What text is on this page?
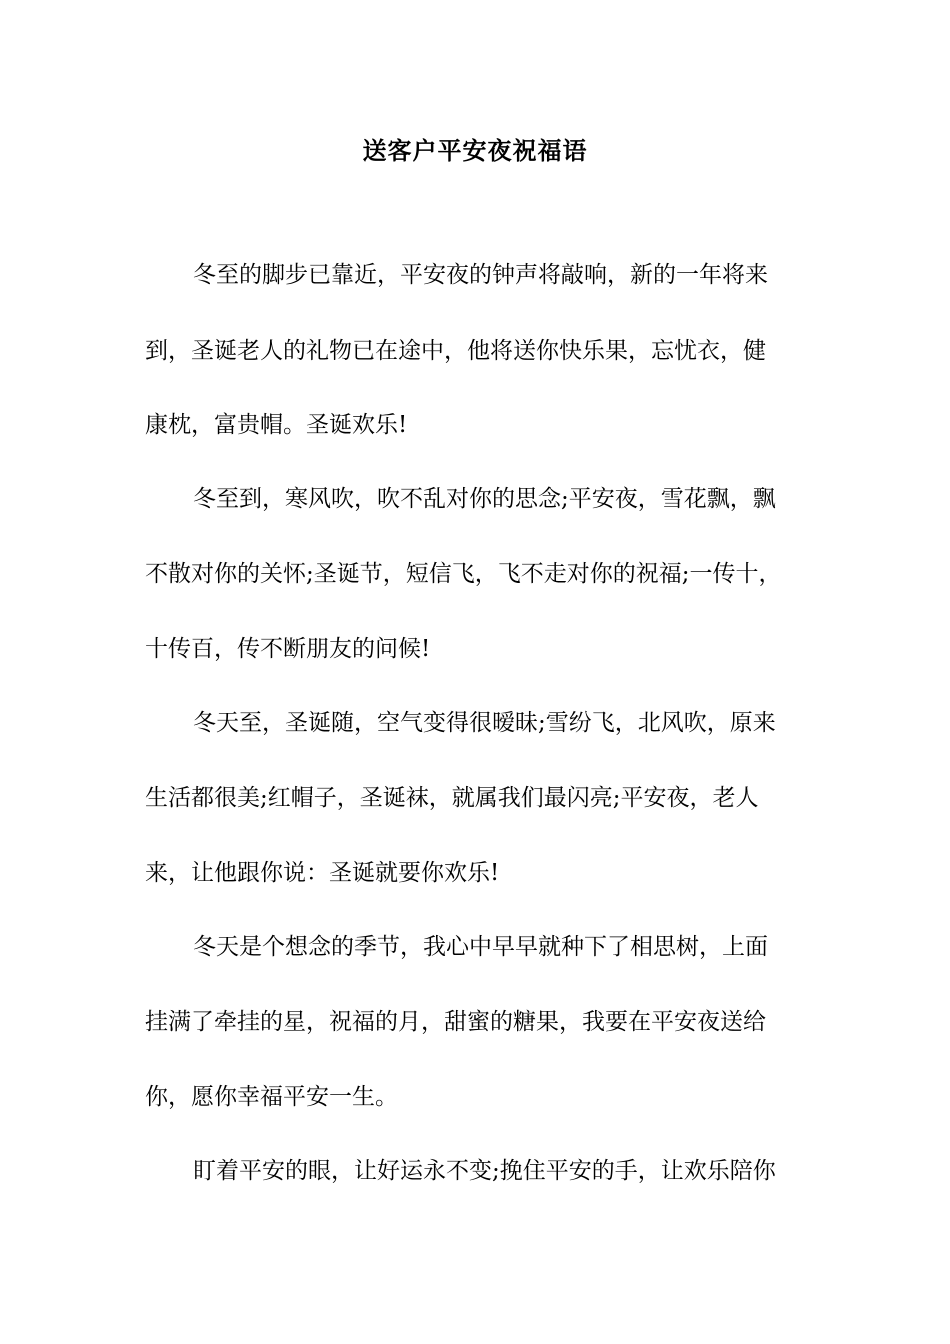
送客户平安夜祝福语
冬至的脚步已靠近，平安夜的钟声将敲响，新的一年将来
到，圣诞老人的礼物已在途中，他将送你快乐果，忘忧衣，健
康枕，富贵帽。圣诞欢乐!
冬至到，寒风吹，吹不乱对你的思念;平安夜，雪花飘，飘
不散对你的关怀;圣诞节，短信飞，飞不走对你的祝福;一传十，
十传百，传不断朋友的问候!
冬天至，圣诞随，空气变得很暧昧;雪纷飞，北风吹，原来
生活都很美;红帽子，圣诞袜，就属我们最闪亮;平安夜，老人
来，让他跟你说：圣诞就要你欢乐!
冬天是个想念的季节，我心中早早就种下了相思树，上面
挂满了牵挂的星，祝福的月，甜蜜的糖果，我要在平安夜送给
你，愿你幸福平安一生。
盯着平安的眼，让好运永不变;挽住平安的手，让欢乐陪你
